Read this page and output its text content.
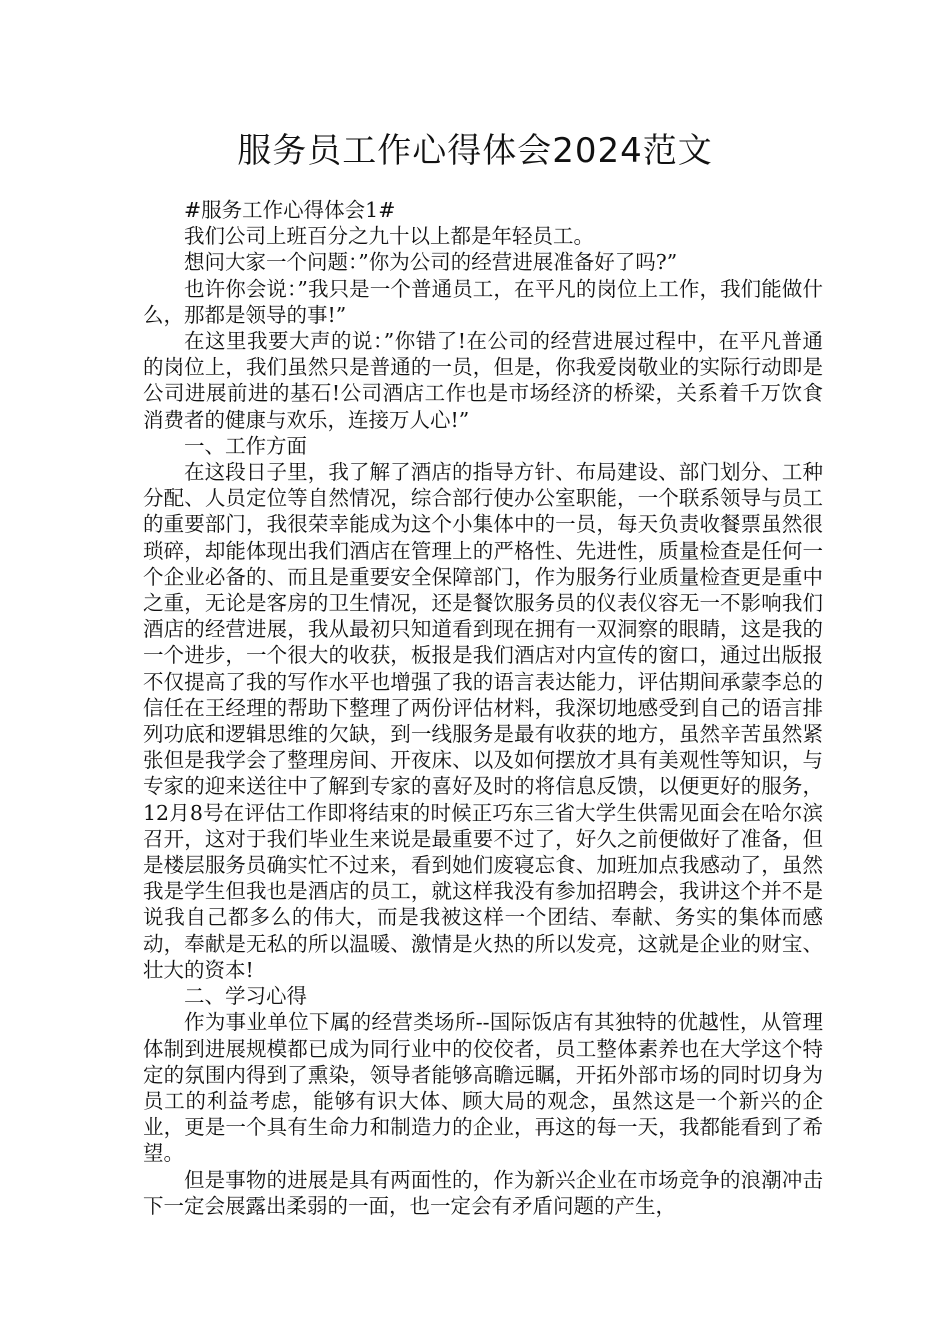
服务员工作心得体会2024范文

#服务工作心得体会1#

我们公司上班百分之九十以上都是年轻员工。

想问大家一个问题：”你为公司的经营进展准备好了吗?”

也许你会说：”我只是一个普通员工，在平凡的岗位上工作，我们能做什么，那都是领导的事!”

在这里我要大声的说：”你错了!在公司的经营进展过程中，在平凡普通的岗位上，我们虽然只是普通的一员，但是，你我爱岗敬业的实际行动即是公司进展前进的基石!公司酒店工作也是市场经济的桥梁，关系着千万饮食消费者的健康与欢乐，连接万人心!”

一、工作方面

在这段日子里，我了解了酒店的指导方针、布局建设、部门划分、工种分配、人员定位等自然情况，综合部行使办公室职能，一个联系领导与员工的重要部门，我很荣幸能成为这个小集体中的一员，每天负责收餐票虽然很琐碎，却能体现出我们酒店在管理上的严格性、先进性，质量检查是任何一个企业必备的、而且是重要安全保障部门，作为服务行业质量检查更是重中之重，无论是客房的卫生情况，还是餐饮服务员的仪表仪容无一不影响我们酒店的经营进展，我从最初只知道看到现在拥有一双洞察的眼睛，这是我的一个进步，一个很大的收获，板报是我们酒店对内宣传的窗口，通过出版报不仅提高了我的写作水平也增强了我的语言表达能力，评估期间承蒙李总的信任在王经理的帮助下整理了两份评估材料，我深切地感受到自己的语言排列功底和逻辑思维的欠缺，到一线服务是最有收获的地方，虽然辛苦虽然紧张但是我学会了整理房间、开夜床、以及如何摆放才具有美观性等知识，与专家的迎来送往中了解到专家的喜好及时的将信息反馈，以便更好的服务，12月8号在评估工作即将结束的时候正巧东三省大学生供需见面会在哈尔滨召开，这对于我们毕业生来说是最重要不过了，好久之前便做好了准备，但是楼层服务员确实忙不过来，看到她们废寝忘食、加班加点我感动了，虽然我是学生但我也是酒店的员工，就这样我没有参加招聘会，我讲这个并不是说我自己都多么的伟大，而是我被这样一个团结、奉献、务实的集体而感动，奉献是无私的所以温暖、激情是火热的所以发亮，这就是企业的财宝、壮大的资本!

二、学习心得

作为事业单位下属的经营类场所--国际饭店有其独特的优越性，从管理体制到进展规模都已成为同行业中的佼佼者，员工整体素养也在大学这个特定的氛围内得到了熏染，领导者能够高瞻远瞩，开拓外部市场的同时切身为员工的利益考虑，能够有识大体、顾大局的观念，虽然这是一个新兴的企业，更是一个具有生命力和制造力的企业，再这的每一天，我都能看到了希望。

但是事物的进展是具有两面性的，作为新兴企业在市场竞争的浪潮冲击下一定会展露出柔弱的一面，也一定会有矛盾问题的产生，
